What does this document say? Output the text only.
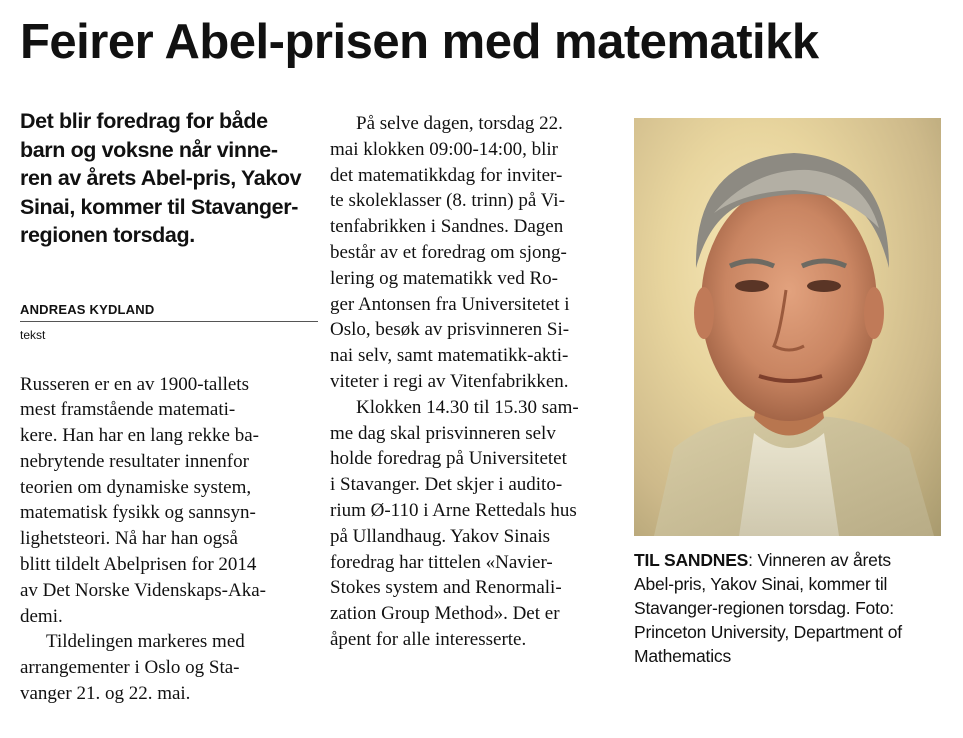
Feirer Abel-prisen med matematikk
Det blir foredrag for både
barn og voksne når vinne-
ren av årets Abel-pris, Yakov
Sinai, kommer til Stavanger-
regionen torsdag.
ANDREAS KYDLAND
tekst

Russeren er en av 1900-tallets
mest framstående matemati-
kere. Han har en lang rekke ba-
nebrytende resultater innenfor
teorien om dynamiske system,
matematisk fysikk og sannsyn-
lighetsteori. Nå har han også
blitt tildelt Abelprisen for 2014
av Det Norske Videnskaps-Aka-
demi.

Tildelingen markeres med
arrangementer i Oslo og Sta-
vanger 21. og 22. mai.

På selve dagen, torsdag 22.
mai klokken 09:00-14:00, blir
det matematikkdag for inviter-
te skoleklasser (8. trinn) på Vi-
tenfabrikken i Sandnes. Dagen
består av et foredrag om sjong-
lering og matematikk ved Ro-
ger Antonsen fra Universitetet i
Oslo, besøk av prisvinneren Si-
nai selv, samt matematikk-akti-
viteter i regi av Vitenfabrikken.

Klokken 14.30 til 15.30 sam-
me dag skal prisvinneren selv
holde foredrag på Universitetet
i Stavanger. Det skjer i audito-
rium Ø-110 i Arne Rettedals hus
på Ullandhaug. Yakov Sinais
foredrag har tittelen «Navier-
Stokes system and Renormali-
zation Group Method». Det er
åpent for alle interesserte.

TIL SANDNES: Vinneren av årets
Abel-pris, Yakov Sinai, kommer til
Stavanger-regionen torsdag. Foto:
Princeton University, Department of
Mathematics
